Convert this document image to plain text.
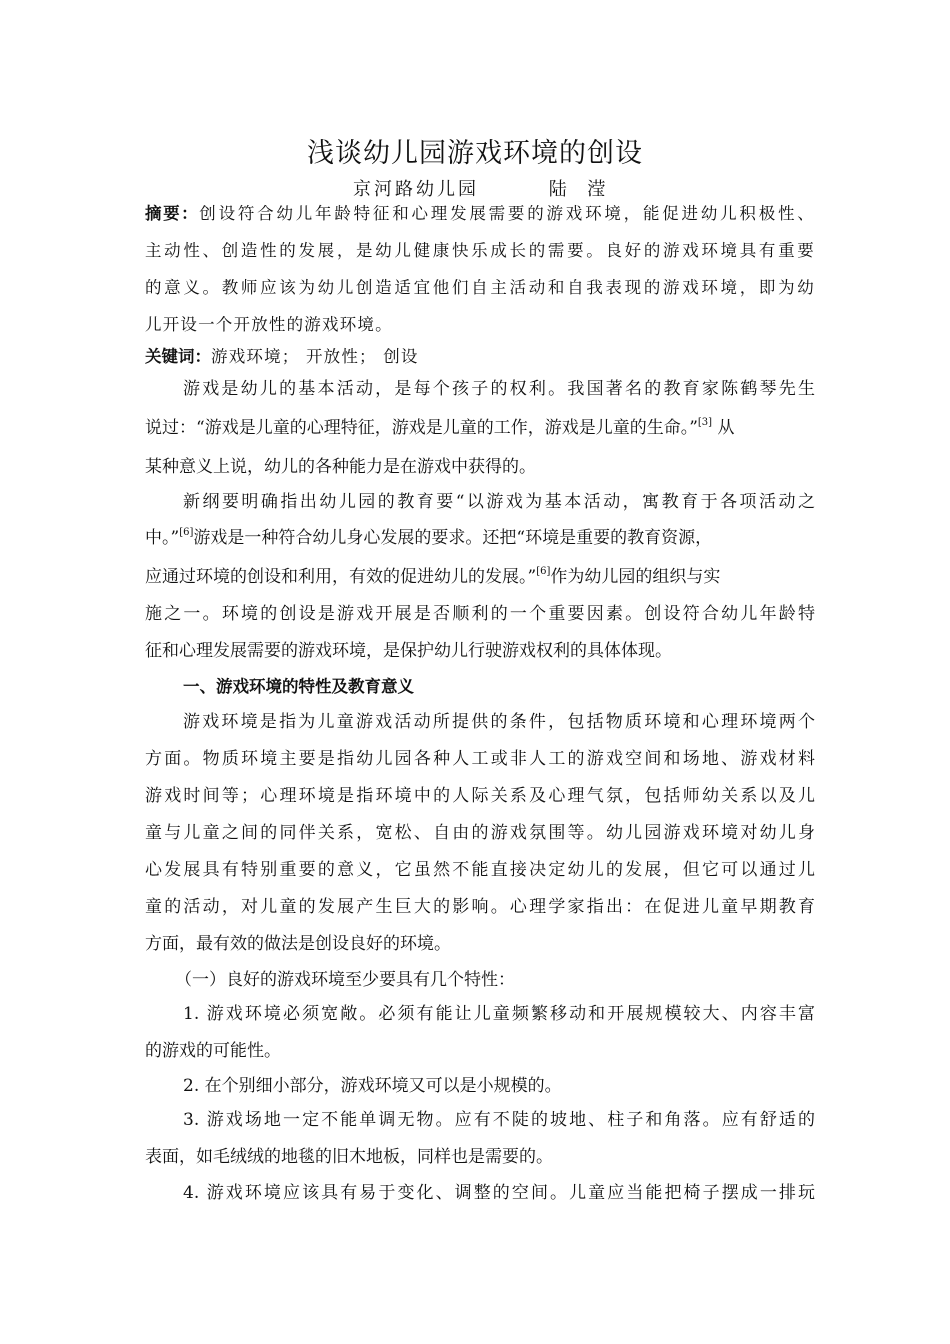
浅谈幼儿园游戏环境的创设
京河路幼儿园        陆  滢
摘要：创设符合幼儿年龄特征和心理发展需要的游戏环境，能促进幼儿积极性、
主动性、创造性的发展，是幼儿健康快乐成长的需要。良好的游戏环境具有重要
的意义。教师应该为幼儿创造适宜他们自主活动和自我表现的游戏环境，即为幼
儿开设一个开放性的游戏环境。
关键词：游戏环境； 开放性； 创设
游戏是幼儿的基本活动，是每个孩子的权利。我国著名的教育家陈鹤琴先生
说过：“游戏是儿童的心理特征，游戏是儿童的工作，游戏是儿童的生命。”[3] 从
某种意义上说，幼儿的各种能力是在游戏中获得的。
新纲要明确指出幼儿园的教育要“以游戏为基本活动，寓教育于各项活动之
中。”[6]游戏是一种符合幼儿身心发展的要求。还把“环境是重要的教育资源，
应通过环境的创设和利用，有效的促进幼儿的发展。”[6]作为幼儿园的组织与实
施之一。环境的创设是游戏开展是否顺利的一个重要因素。创设符合幼儿年龄特
征和心理发展需要的游戏环境，是保护幼儿行驶游戏权利的具体体现。
一、游戏环境的特性及教育意义
游戏环境是指为儿童游戏活动所提供的条件，包括物质环境和心理环境两个
方面。物质环境主要是指幼儿园各种人工或非人工的游戏空间和场地、游戏材料
游戏时间等；心理环境是指环境中的人际关系及心理气氛，包括师幼关系以及儿
童与儿童之间的同伴关系，宽松、自由的游戏氛围等。幼儿园游戏环境对幼儿身
心发展具有特别重要的意义，它虽然不能直接决定幼儿的发展，但它可以通过儿
童的活动，对儿童的发展产生巨大的影响。心理学家指出：在促进儿童早期教育
方面，最有效的做法是创设良好的环境。
（一）良好的游戏环境至少要具有几个特性：
1. 游戏环境必须宽敞。必须有能让儿童频繁移动和开展规模较大、内容丰富
的游戏的可能性。
2. 在个别细小部分，游戏环境又可以是小规模的。
3. 游戏场地一定不能单调无物。应有不陡的坡地、柱子和角落。应有舒适的
表面，如毛绒绒的地毯的旧木地板，同样也是需要的。
4. 游戏环境应该具有易于变化、调整的空间。儿童应当能把椅子摆成一排玩
